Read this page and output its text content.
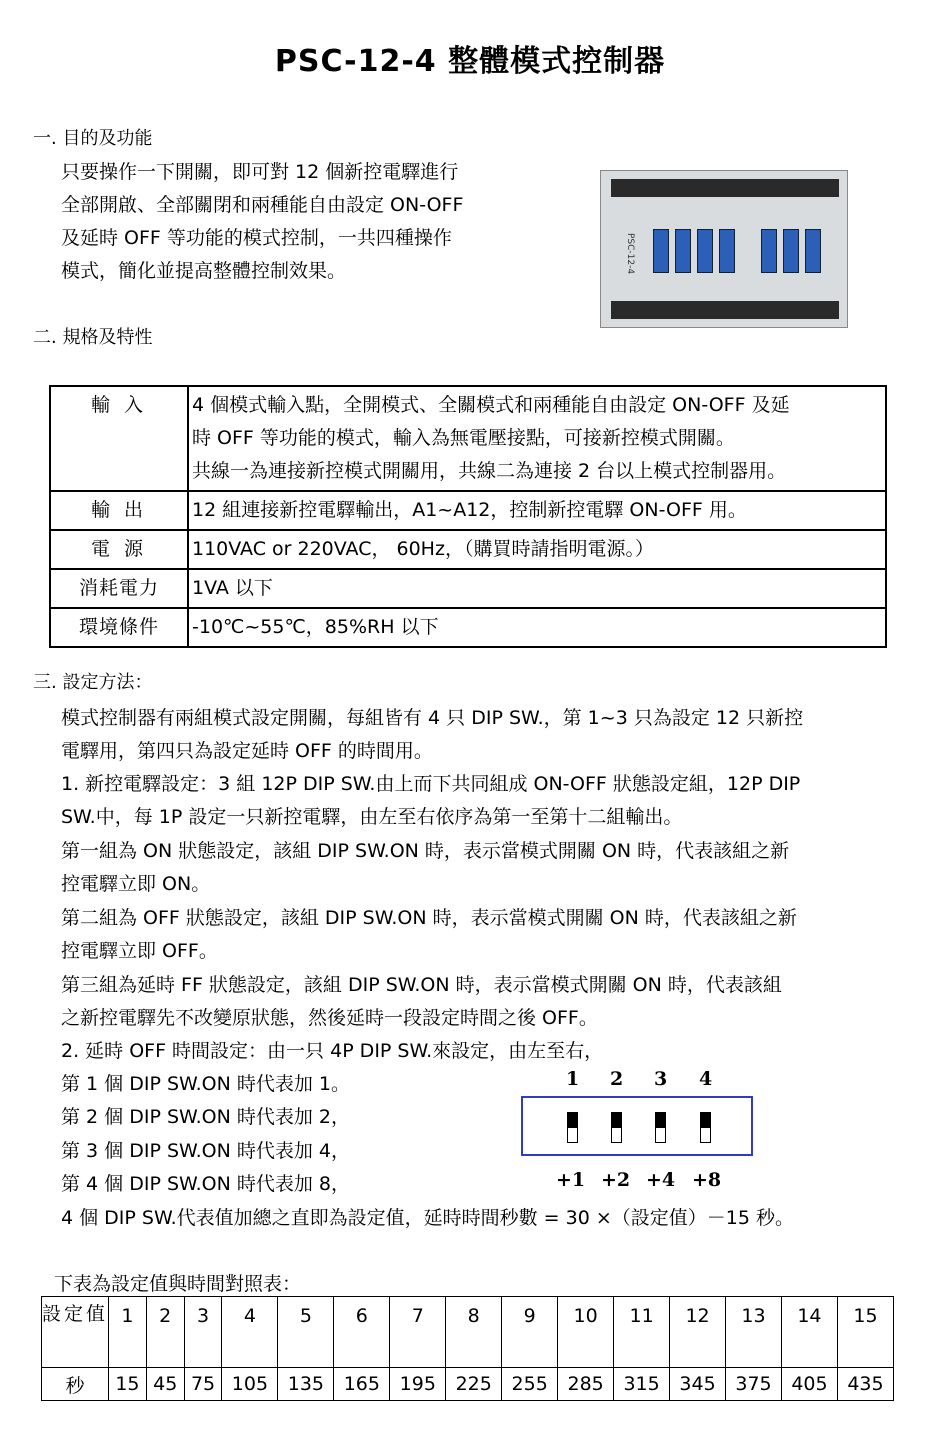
PSC-12-4 整體模式控制器
一. 目的及功能
只要操作一下開關，即可對 12 個新控電驛進行
全部開啟、全部關閉和兩種能自由設定 ON-OFF
及延時 OFF 等功能的模式控制，一共四種操作
模式，簡化並提高整體控制效果。	PSC-12-4
二. 規格及特性
輸 入	4 個模式輸入點，全開模式、全關模式和兩種能自由設定 ON-OFF 及延
時 OFF 等功能的模式，輸入為無電壓接點，可接新控模式開關。
共線一為連接新控模式開關用，共線二為連接 2 台以上模式控制器用。

輸 出	12 組連接新控電驛輸出，A1~A12，控制新控電驛 ON-OFF 用。
電 源	110VAC or 220VAC， 60Hz，（購買時請指明電源。）
消耗電力	1VA 以下
環境條件	-10℃~55℃，85%RH 以下
三. 設定方法：
模式控制器有兩組模式設定開關，每組皆有 4 只 DIP SW.，第 1~3 只為設定 12 只新控
電驛用，第四只為設定延時 OFF 的時間用。
1. 新控電驛設定：3 組 12P DIP SW.由上而下共同組成 ON-OFF 狀態設定組，12P DIP
SW.中，每 1P 設定一只新控電驛，由左至右依序為第一至第十二組輸出。
第一組為 ON 狀態設定，該組 DIP SW.ON 時，表示當模式開關 ON 時，代表該組之新
控電驛立即 ON。
第二組為 OFF 狀態設定，該組 DIP SW.ON 時，表示當模式開關 ON 時，代表該組之新
控電驛立即 OFF。
第三組為延時 FF 狀態設定，該組 DIP SW.ON 時，表示當模式開關 ON 時，代表該組
之新控電驛先不改變原狀態，然後延時一段設定時間之後 OFF。
2. 延時 OFF 時間設定：由一只 4P DIP SW.來設定，由左至右，
第 1 個 DIP SW.ON 時代表加 1。
第 2 個 DIP SW.ON 時代表加 2，
第 3 個 DIP SW.ON 時代表加 4，
第 4 個 DIP SW.ON 時代表加 8，
4 個 DIP SW.代表值加總之直即為設定值，延時時間秒數 = 30 ×（設定值）－15 秒。
1 2 3 4
+1 +2 +4 +8
下表為設定值與時間對照表：
設定值	1	2	3	4	5	6	7	8	9	10	11	12	13	14	15
秒	15	45	75	105	135	165	195	225	255	285	315	345	375	405	435
